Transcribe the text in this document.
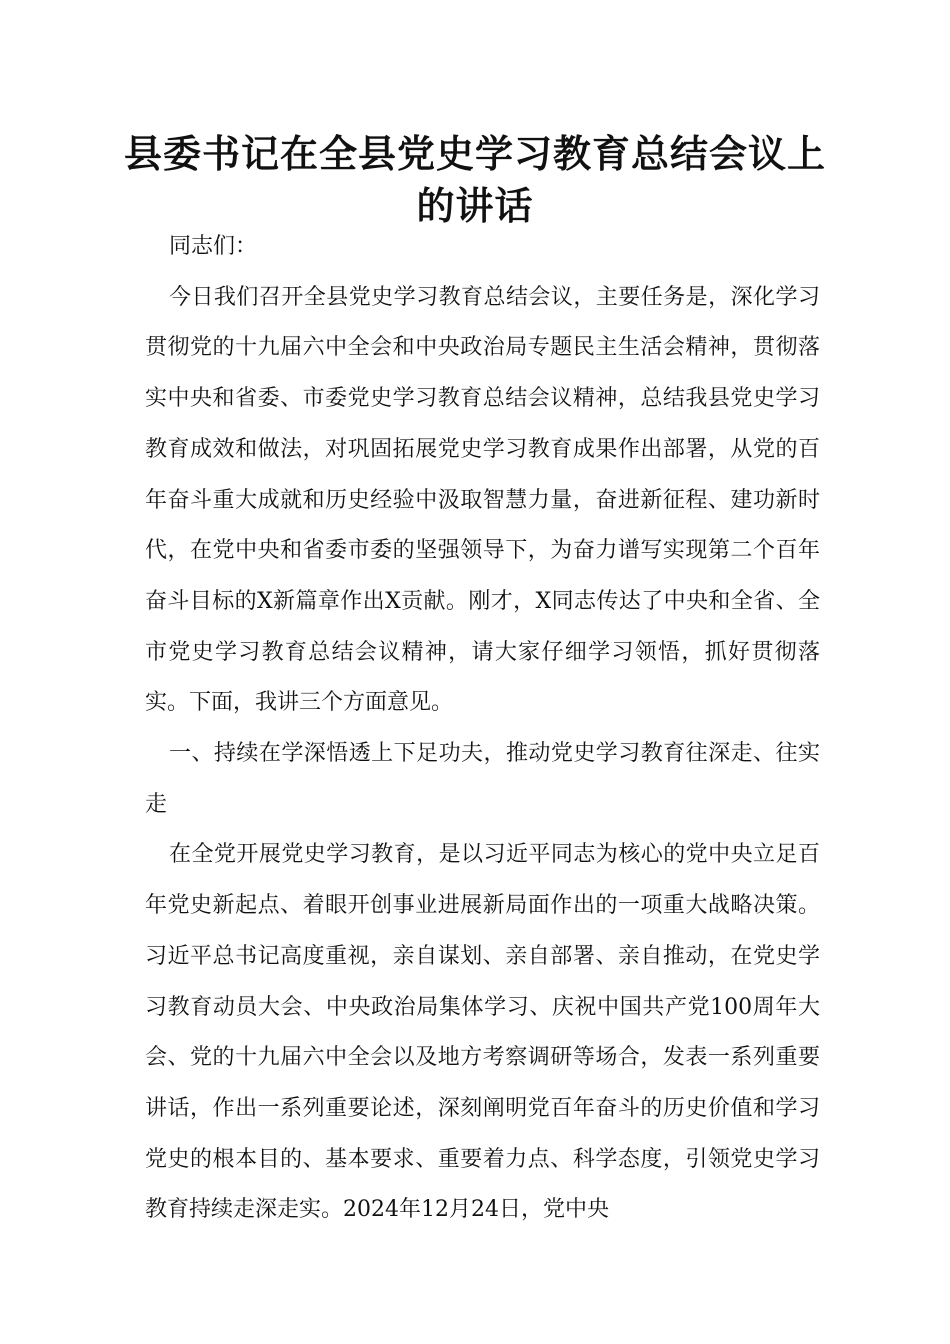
县委书记在全县党史学习教育总结会议上的讲话

同志们：

今日我们召开全县党史学习教育总结会议，主要任务是，深化学习贯彻党的十九届六中全会和中央政治局专题民主生活会精神，贯彻落实中央和省委、市委党史学习教育总结会议精神，总结我县党史学习教育成效和做法，对巩固拓展党史学习教育成果作出部署，从党的百年奋斗重大成就和历史经验中汲取智慧力量，奋进新征程、建功新时代，在党中央和省委市委的坚强领导下，为奋力谱写实现第二个百年奋斗目标的X新篇章作出X贡献。刚才，X同志传达了中央和全省、全市党史学习教育总结会议精神，请大家仔细学习领悟，抓好贯彻落实。下面，我讲三个方面意见。

一、持续在学深悟透上下足功夫，推动党史学习教育往深走、往实走

在全党开展党史学习教育，是以习近平同志为核心的党中央立足百年党史新起点、着眼开创事业进展新局面作出的一项重大战略决策。习近平总书记高度重视，亲自谋划、亲自部署、亲自推动，在党史学习教育动员大会、中央政治局集体学习、庆祝中国共产党100周年大会、党的十九届六中全会以及地方考察调研等场合，发表一系列重要讲话，作出一系列重要论述，深刻阐明党百年奋斗的历史价值和学习党史的根本目的、基本要求、重要着力点、科学态度，引领党史学习教育持续走深走实。2024年12月24日，党中央
